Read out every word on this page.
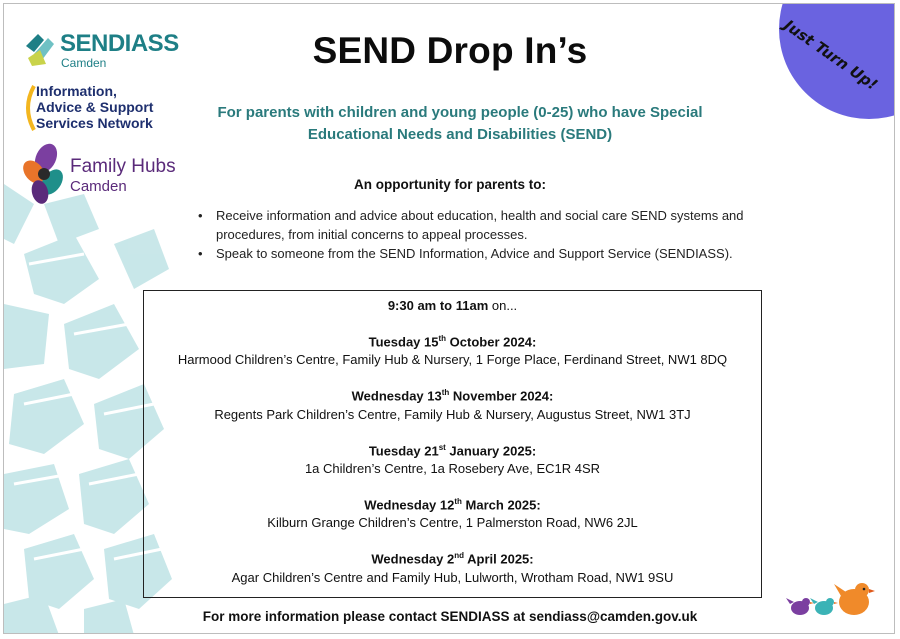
Just Turn Up!
SENDIASS
Camden
Information,
Advice & Support
Services Network
Family Hubs
Camden
SEND Drop In’s
For parents with children and young people (0-25) who have Special
Educational Needs and Disabilities (SEND)
An opportunity for parents to:
• Receive information and advice about education, health and social care SEND systems and procedures, from initial concerns to appeal processes.
• Speak to someone from the SEND Information, Advice and Support Service (SENDIASS).
9:30 am to 11am on...
Tuesday 15th October 2024:
Harmood Children’s Centre, Family Hub & Nursery, 1 Forge Place, Ferdinand Street, NW1 8DQ
Wednesday 13th November 2024:
Regents Park Children’s Centre, Family Hub & Nursery, Augustus Street, NW1 3TJ
Tuesday 21st January 2025:
1a Children’s Centre, 1a Rosebery Ave, EC1R 4SR
Wednesday 12th March 2025:
Kilburn Grange Children’s Centre, 1 Palmerston Road, NW6 2JL
Wednesday 2nd April 2025:
Agar Children’s Centre and Family Hub, Lulworth, Wrotham Road, NW1 9SU
For more information please contact SENDIASS at sendiass@camden.gov.uk
